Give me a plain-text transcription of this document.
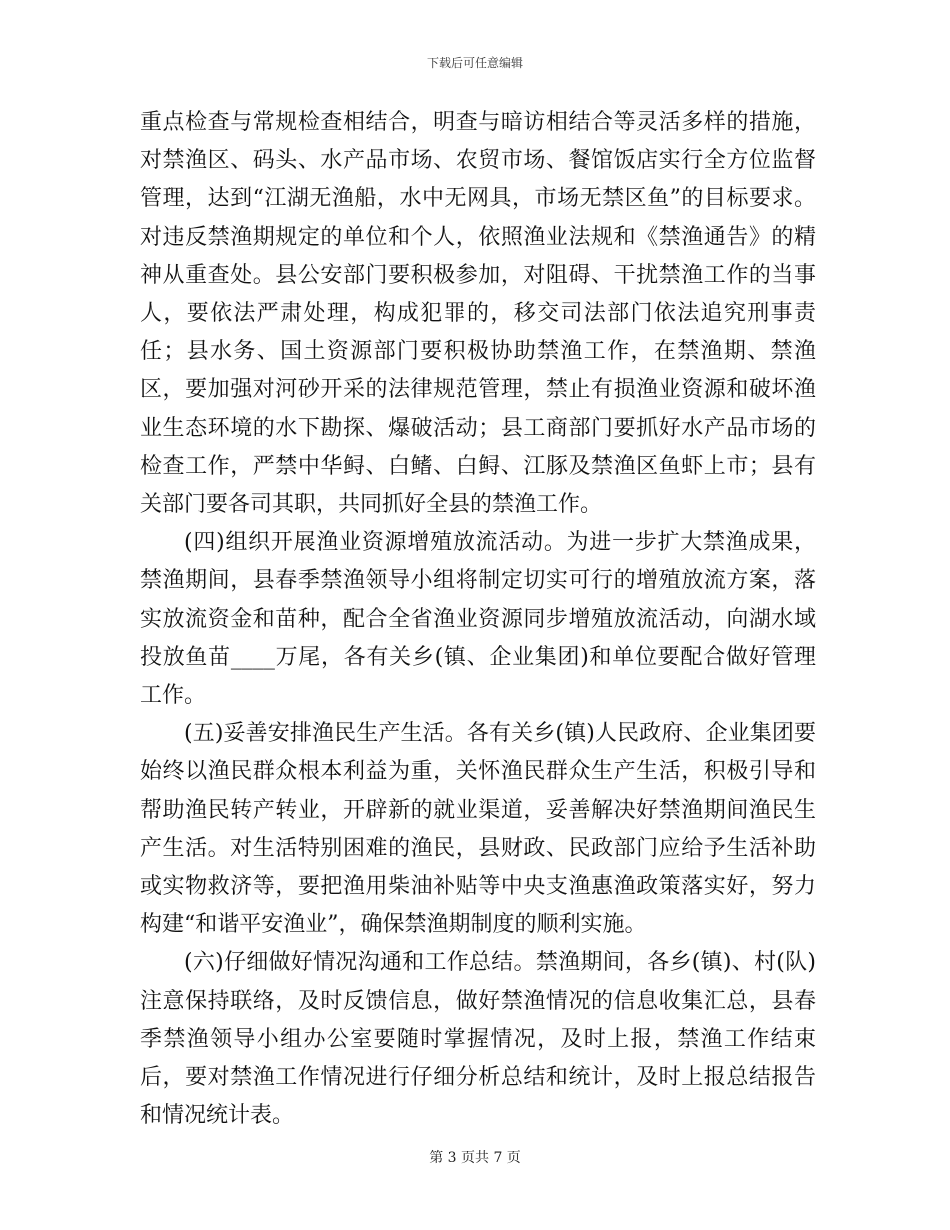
下载后可任意编辑

重点检查与常规检查相结合，明查与暗访相结合等灵活多样的措施，对禁渔区、码头、水产品市场、农贸市场、餐馆饭店实行全方位监督管理，达到“江湖无渔船，水中无网具，市场无禁区鱼”的目标要求。对违反禁渔期规定的单位和个人，依照渔业法规和《禁渔通告》的精神从重查处。县公安部门要积极参加，对阻碍、干扰禁渔工作的当事人，要依法严肃处理，构成犯罪的，移交司法部门依法追究刑事责任；县水务、国土资源部门要积极协助禁渔工作，在禁渔期、禁渔区，要加强对河砂开采的法律规范管理，禁止有损渔业资源和破坏渔业生态环境的水下勘探、爆破活动；县工商部门要抓好水产品市场的检查工作，严禁中华鲟、白鳍、白鲟、江豚及禁渔区鱼虾上市；县有关部门要各司其职，共同抓好全县的禁渔工作。

(四)组织开展渔业资源增殖放流活动。为进一步扩大禁渔成果，禁渔期间，县春季禁渔领导小组将制定切实可行的增殖放流方案，落实放流资金和苗种，配合全省渔业资源同步增殖放流活动，向湖水域投放鱼苗____万尾，各有关乡(镇、企业集团)和单位要配合做好管理工作。

(五)妥善安排渔民生产生活。各有关乡(镇)人民政府、企业集团要始终以渔民群众根本利益为重，关怀渔民群众生产生活，积极引导和帮助渔民转产转业，开辟新的就业渠道，妥善解决好禁渔期间渔民生产生活。对生活特别困难的渔民，县财政、民政部门应给予生活补助或实物救济等，要把渔用柴油补贴等中央支渔惠渔政策落实好，努力构建“和谐平安渔业”，确保禁渔期制度的顺利实施。

(六)仔细做好情况沟通和工作总结。禁渔期间，各乡(镇)、村(队)注意保持联络，及时反馈信息，做好禁渔情况的信息收集汇总，县春季禁渔领导小组办公室要随时掌握情况，及时上报，禁渔工作结束后，要对禁渔工作情况进行仔细分析总结和统计，及时上报总结报告和情况统计表。

第 3 页共 7 页
